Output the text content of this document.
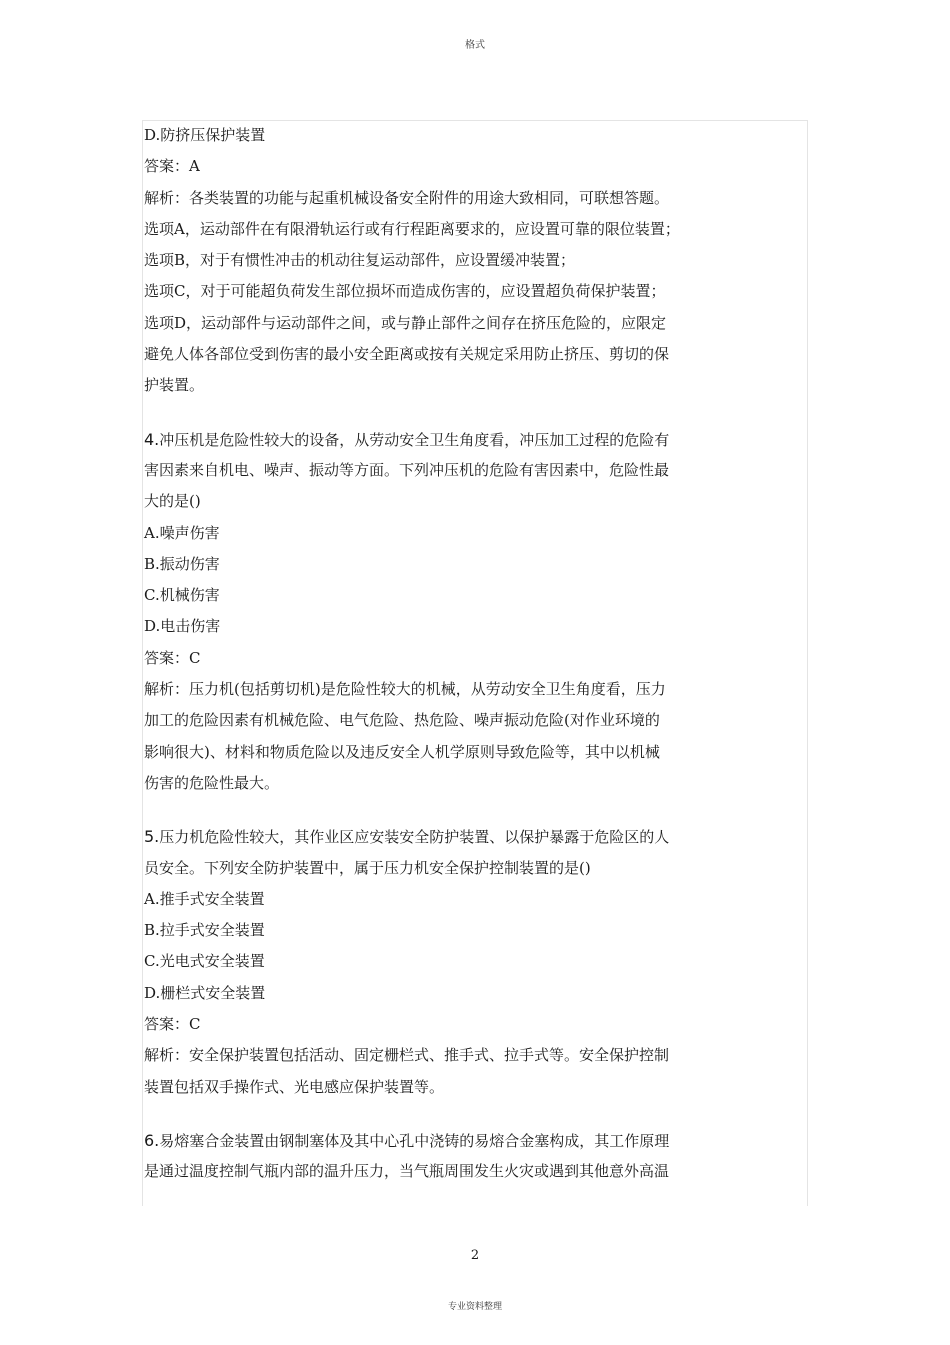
格式
D.防挤压保护装置
答案：A
解析：各类装置的功能与起重机械设备安全附件的用途大致相同，可联想答题。
选项A，运动部件在有限滑轨运行或有行程距离要求的，应设置可靠的限位装置；
选项B，对于有惯性冲击的机动往复运动部件，应设置缓冲装置；
选项C，对于可能超负荷发生部位损坏而造成伤害的，应设置超负荷保护装置；
选项D，运动部件与运动部件之间，或与静止部件之间存在挤压危险的，应限定
避免人体各部位受到伤害的最小安全距离或按有关规定采用防止挤压、剪切的保
护装置。
4.冲压机是危险性较大的设备，从劳动安全卫生角度看，冲压加工过程的危险有
害因素来自机电、噪声、振动等方面。下列冲压机的危险有害因素中，危险性最
大的是()
A.噪声伤害
B.振动伤害
C.机械伤害
D.电击伤害
答案：C
解析：压力机(包括剪切机)是危险性较大的机械，从劳动安全卫生角度看，压力
加工的危险因素有机械危险、电气危险、热危险、噪声振动危险(对作业环境的
影响很大)、材料和物质危险以及违反安全人机学原则导致危险等，其中以机械
伤害的危险性最大。
5.压力机危险性较大，其作业区应安装安全防护装置、以保护暴露于危险区的人
员安全。下列安全防护装置中，属于压力机安全保护控制装置的是()
A.推手式安全装置
B.拉手式安全装置
C.光电式安全装置
D.栅栏式安全装置
答案：C
解析：安全保护装置包括活动、固定栅栏式、推手式、拉手式等。安全保护控制
装置包括双手操作式、光电感应保护装置等。
6.易熔塞合金装置由钢制塞体及其中心孔中浇铸的易熔合金塞构成，其工作原理
是通过温度控制气瓶内部的温升压力，当气瓶周围发生火灾或遇到其他意外高温
2
专业资料整理
